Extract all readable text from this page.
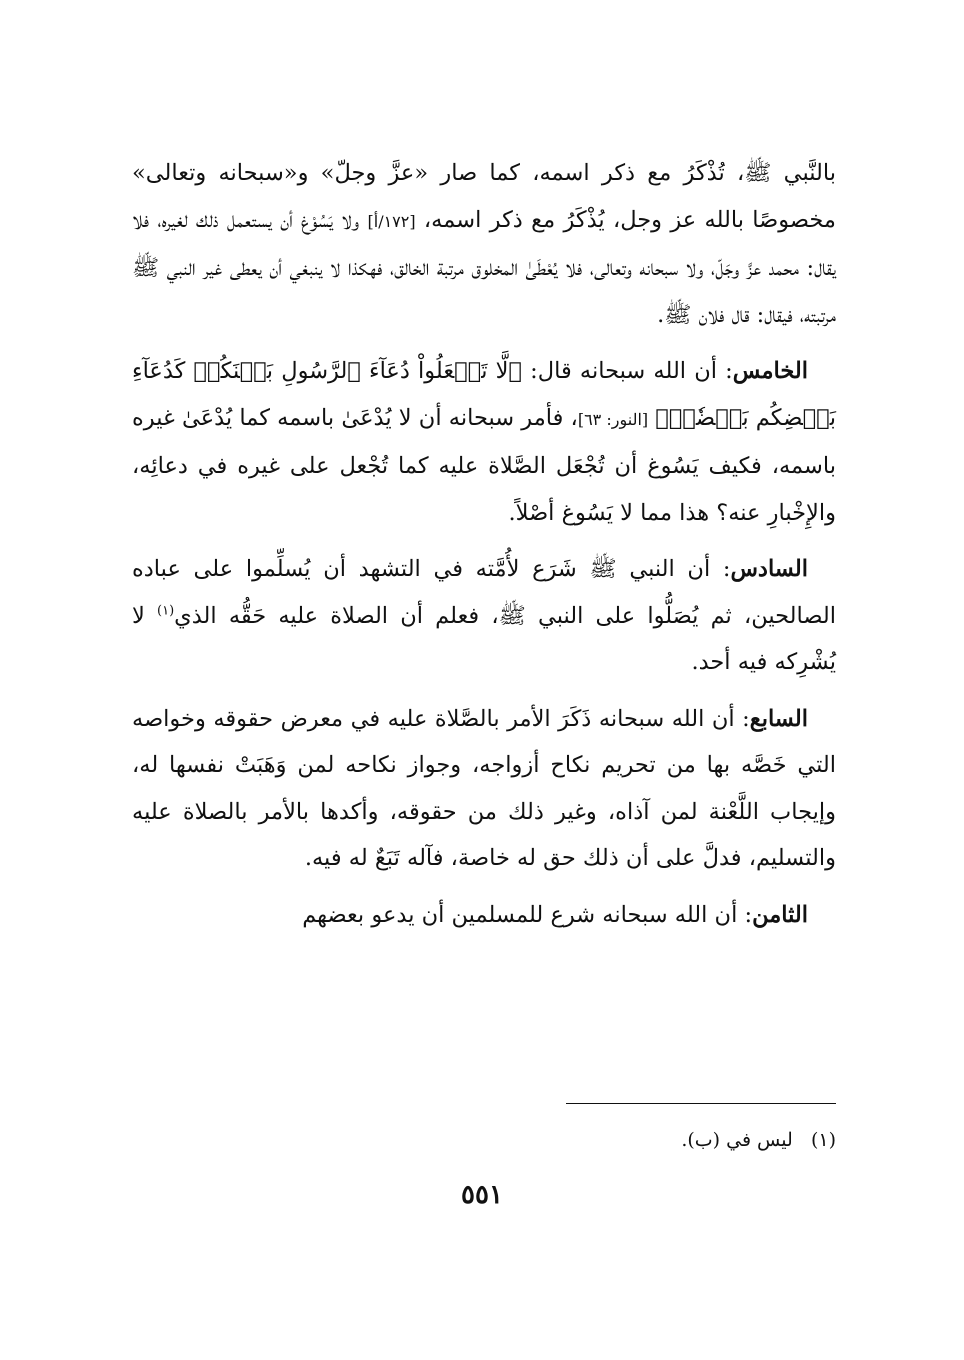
بالنَّبي ﷺ، تُذْكَرُ مع ذكر اسمه، كما صار «عزَّ وجلّ» و«سبحانه وتعالى» مخصوصًا بالله عز وجل، يُذْكَرُ مع ذكر اسمه، [١٧٢/أ] ولا يَسُوْغ أن يستعمل ذلك لغيره، فلا يقال: محمد عزَّ وجَلّ، ولا سبحانه وتعالى، فلا يُعْطَىٰ المخلوق مرتبة الخالق، فهكذا لا ينبغي أن يعطى غير النبي ﷺ مرتبته، فيقال: قال فلان ﷺ.

الخامس: أن الله سبحانه قال: ﴿لَّا تَجۡعَلُواْ دُعَآءَ ٱلرَّسُولِ بَيۡنَكُمۡ كَدُعَآءِ بَعۡضِكُم بَعۡضٗاۚ﴾ [النور: ٦٣]، فأمر سبحانه أن لا يُدْعَىٰ باسمه كما يُدْعَىٰ غيره باسمه، فكيف يَسُوغ أن تُجْعَل الصَّلاة عليه كما تُجْعل على غيره في دعائِه، والإِخْبارِ عنه؟ هذا مما لا يَسُوغ أصْلاً.

السادس: أن النبي ﷺ شَرَع لأُمَّته في التشهد أن يُسلِّموا على عباده الصالحين، ثم يُصَلُّوا على النبي ﷺ، فعلم أن الصلاة عليه حَقُّه الذي$^{(١)}$ لا يُشْرِكه فيه أحد.

السابع: أن الله سبحانه ذَكَرَ الأمر بالصَّلاة عليه في معرض حقوقه وخواصه التي خَصَّه بها من تحريم نكاح أزواجه، وجواز نكاحه لمن وَهَبَتْ نفسها له، وإيجاب اللَّعْنة لمن آذاه، وغير ذلك من حقوقه، وأكدها بالأمر بالصلاة عليه والتسليم، فدلَّ على أن ذلك حق له خاصة، فآله تَبَعٌ له فيه.

الثامن: أن الله سبحانه شرع للمسلمين أن يدعو بعضهم

(١)   ليس في (ب).
٥٥١
